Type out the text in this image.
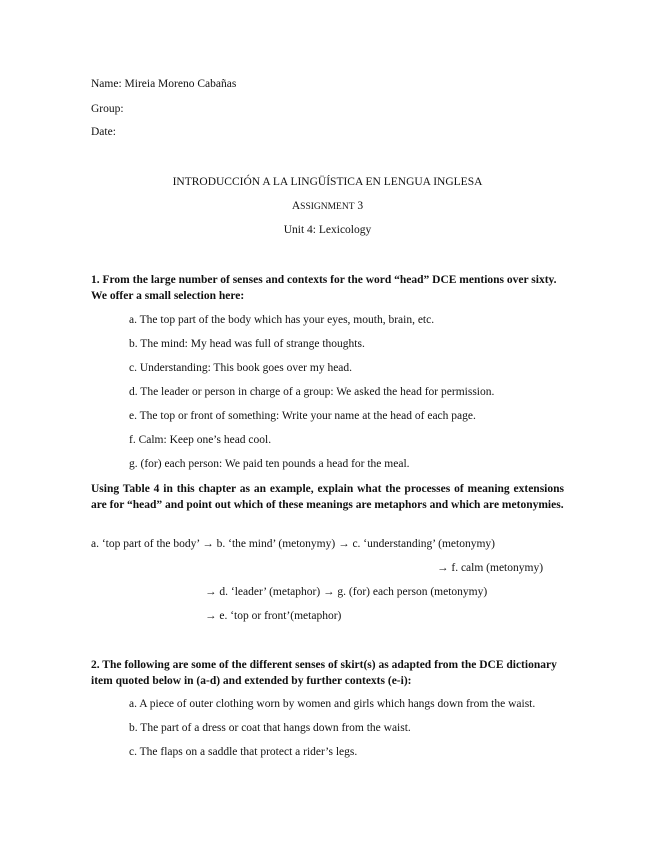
Name: Mireia Moreno Cabañas
Group:
Date:
INTRODUCCIÓN A LA LINGÜÍSTICA EN LENGUA INGLESA
ASSIGNMENT 3
Unit 4: Lexicology
1. From the large number of senses and contexts for the word “head” DCE mentions over sixty.
We offer a small selection here:
a. The top part of the body which has your eyes, mouth, brain, etc.
b. The mind: My head was full of strange thoughts.
c. Understanding: This book goes over my head.
d. The leader or person in charge of a group: We asked the head for permission.
e. The top or front of something: Write your name at the head of each page.
f. Calm: Keep one’s head cool.
g. (for) each person: We paid ten pounds a head for the meal.
Using Table 4 in this chapter as an example, explain what the processes of meaning extensions are for “head” and point out which of these meanings are metaphors and which are metonymies.
a. ‘top part of the body’ → b. ‘the mind’ (metonymy) → c. ‘understanding’ (metonymy)
→ f. calm (metonymy)
→ d. ‘leader’ (metaphor) → g. (for) each person (metonymy)
→ e. ‘top or front’(metaphor)
2. The following are some of the different senses of skirt(s) as adapted from the DCE dictionary
item quoted below in (a-d) and extended by further contexts (e-i):
a. A piece of outer clothing worn by women and girls which hangs down from the waist.
b. The part of a dress or coat that hangs down from the waist.
c. The flaps on a saddle that protect a rider’s legs.
